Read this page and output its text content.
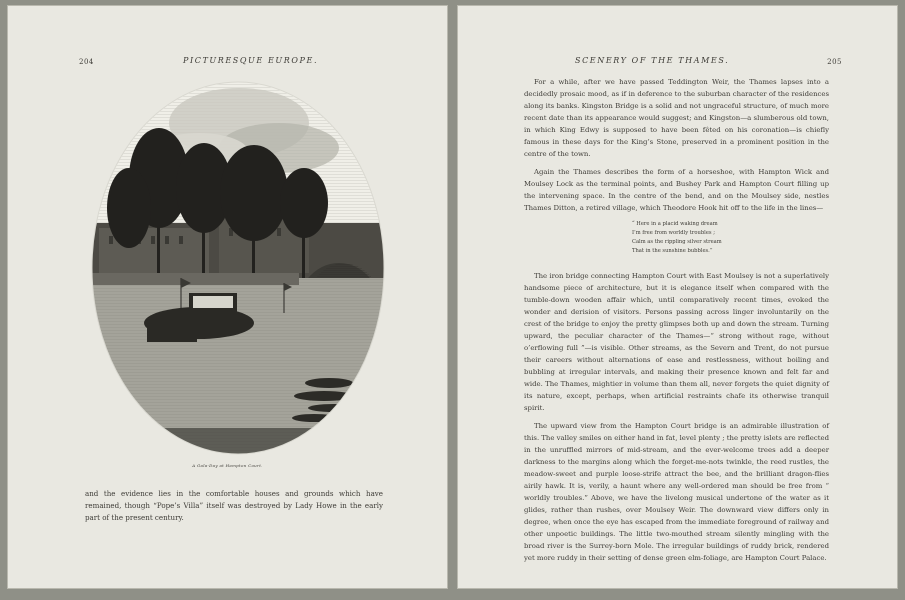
204	PICTURESQUE EUROPE.
A Gala-Day at Hampton Court.
and the evidence lies in the comfortable houses and grounds which have remained, though “Pope’s Villa” itself was destroyed by Lady Howe in the early part of the present century.
SCENERY OF THE THAMES.	205

For a while, after we have passed Teddington Weir, the Thames lapses into a decidedly prosaic mood, as if in deference to the suburban character of the residences along its banks. Kingston Bridge is a solid and not ungraceful structure, of much more recent date than its appearance would suggest; and Kingston—a slumberous old town, in which King Edwy is supposed to have been fêted on his coronation—is chiefly famous in these days for the King’s Stone, preserved in a prominent position in the centre of the town.

Again the Thames describes the form of a horseshoe, with Hampton Wick and Moulsey Lock as the terminal points, and Bushey Park and Hampton Court filling up the intervening space. In the centre of the bend, and on the Moulsey side, nestles Thames Ditton, a retired village, which Theodore Hook hit off to the life in the lines—

“ Here in a placid waking dream
I’m free from worldly troubles ;
Calm as the rippling silver stream
That in the sunshine bubbles.”

The iron bridge connecting Hampton Court with East Moulsey is not a superlatively handsome piece of architecture, but it is elegance itself when compared with the tumble-down wooden affair which, until comparatively recent times, evoked the wonder and derision of visitors. Persons passing across linger involuntarily on the crest of the bridge to enjoy the pretty glimpses both up and down the stream. Turning upward, the peculiar character of the Thames—“ strong without rage, without o’erflowing full ”—is visible. Other streams, as the Severn and Trent, do not pursue their careers without alternations of ease and restlessness, without boiling and bubbling at irregular intervals, and making their presence known and felt far and wide. The Thames, mightier in volume than them all, never forgets the quiet dignity of its nature, except, perhaps, when artificial restraints chafe its otherwise tranquil spirit.

The upward view from the Hampton Court bridge is an admirable illustration of this. The valley smiles on either hand in fat, level plenty ; the pretty islets are reflected in the unruffled mirrors of mid-stream, and the ever-welcome trees add a deeper darkness to the margins along which the forget-me-nots twinkle, the reed rustles, the meadow-sweet and purple loose-strife attract the bee, and the brilliant dragon-flies airily hawk. It is, verily, a haunt where any well-ordered man should be free from “ worldly troubles.” Above, we have the livelong musical undertone of the water as it glides, rather than rushes, over Moulsey Weir. The downward view differs only in degree, when once the eye has escaped from the immediate foreground of railway and other unpoetic buildings. The little two-mouthed stream silently mingling with the broad river is the Surrey-born Mole. The irregular buildings of ruddy brick, rendered yet more ruddy in their setting of dense green elm-foliage, are Hampton Court Palace.
